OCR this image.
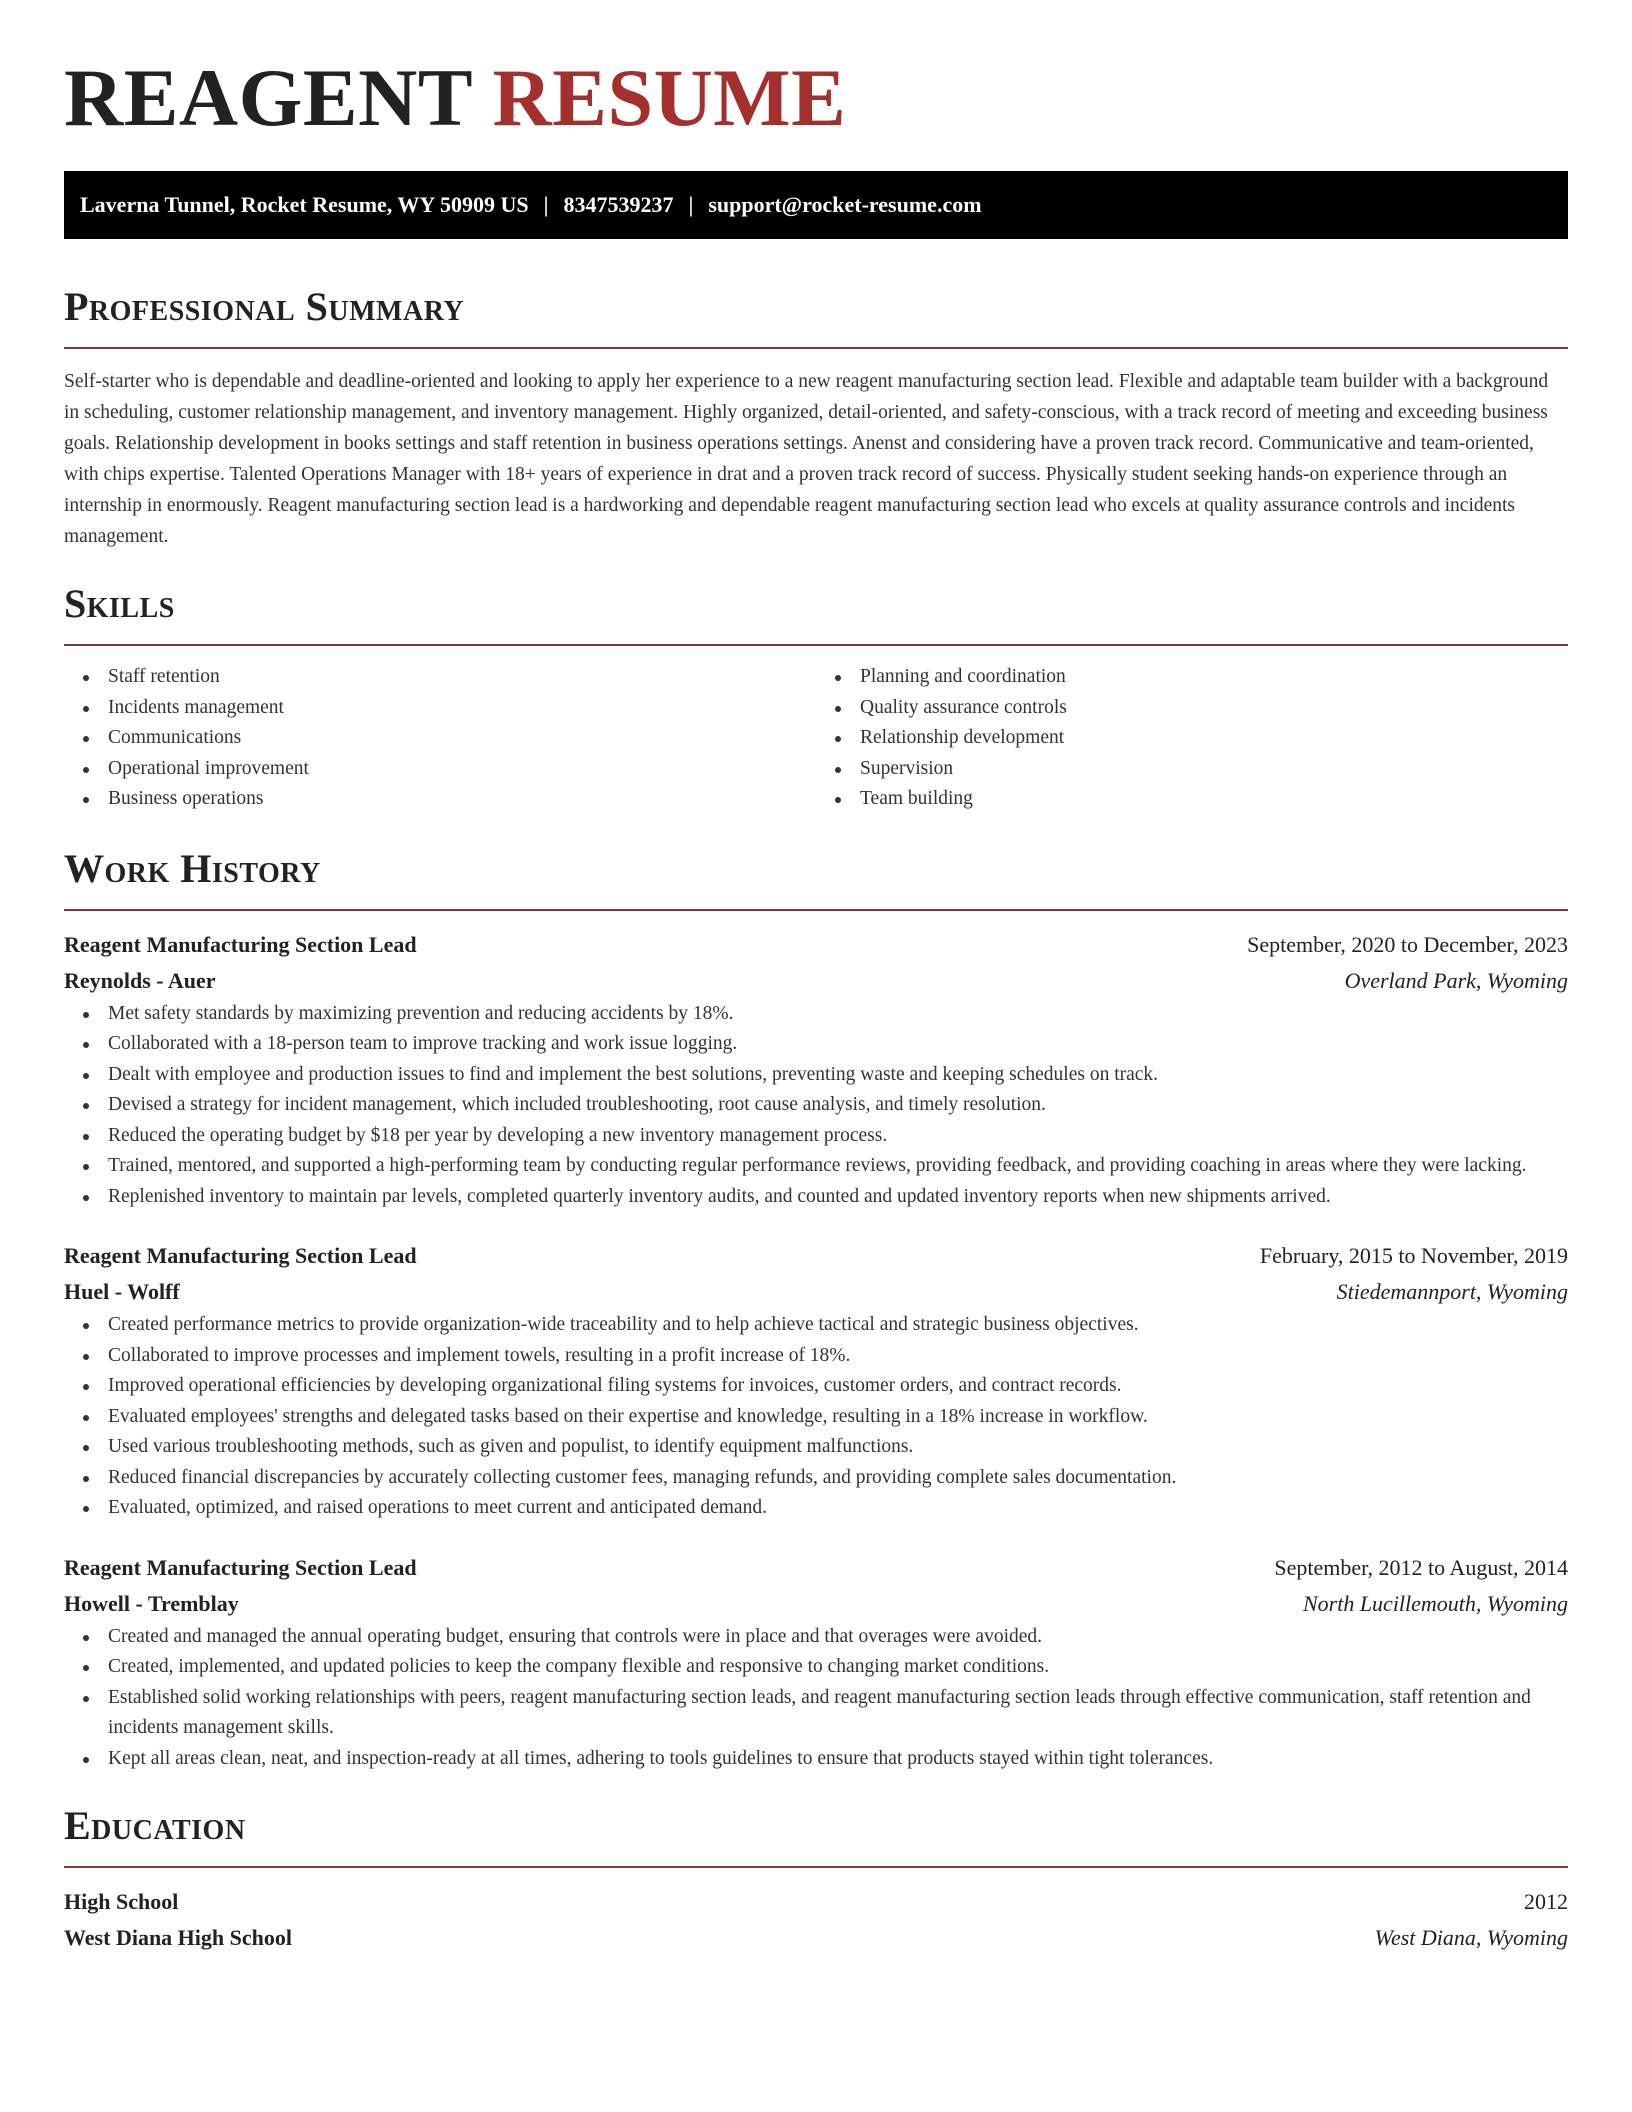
REAGENT RESUME
Laverna Tunnel, Rocket Resume, WY 50909 US | 8347539237 | support@rocket-resume.com
Professional Summary

Self-starter who is dependable and deadline-oriented and looking to apply her experience to a new reagent manufacturing section lead. Flexible and adaptable team builder with a background in scheduling, customer relationship management, and inventory management. Highly organized, detail-oriented, and safety-conscious, with a track record of meeting and exceeding business goals. Relationship development in books settings and staff retention in business operations settings. Anenst and considering have a proven track record. Communicative and team-oriented, with chips expertise. Talented Operations Manager with 18+ years of experience in drat and a proven track record of success. Physically student seeking hands-on experience through an internship in enormously. Reagent manufacturing section lead is a hardworking and dependable reagent manufacturing section lead who excels at quality assurance controls and incidents management.

Skills
Staff retention
Incidents management
Communications
Operational improvement
Business operations
Planning and coordination
Quality assurance controls
Relationship development
Supervision
Team building
Work History
Reagent Manufacturing Section Lead	September, 2020 to December, 2023
Reynolds - Auer	Overland Park, Wyoming
Met safety standards by maximizing prevention and reducing accidents by 18%.
Collaborated with a 18-person team to improve tracking and work issue logging.
Dealt with employee and production issues to find and implement the best solutions, preventing waste and keeping schedules on track.
Devised a strategy for incident management, which included troubleshooting, root cause analysis, and timely resolution.
Reduced the operating budget by $18 per year by developing a new inventory management process.
Trained, mentored, and supported a high-performing team by conducting regular performance reviews, providing feedback, and providing coaching in areas where they were lacking.
Replenished inventory to maintain par levels, completed quarterly inventory audits, and counted and updated inventory reports when new shipments arrived.
Reagent Manufacturing Section Lead	February, 2015 to November, 2019
Huel - Wolff	Stiedemannport, Wyoming
Created performance metrics to provide organization-wide traceability and to help achieve tactical and strategic business objectives.
Collaborated to improve processes and implement towels, resulting in a profit increase of 18%.
Improved operational efficiencies by developing organizational filing systems for invoices, customer orders, and contract records.
Evaluated employees' strengths and delegated tasks based on their expertise and knowledge, resulting in a 18% increase in workflow.
Used various troubleshooting methods, such as given and populist, to identify equipment malfunctions.
Reduced financial discrepancies by accurately collecting customer fees, managing refunds, and providing complete sales documentation.
Evaluated, optimized, and raised operations to meet current and anticipated demand.
Reagent Manufacturing Section Lead	September, 2012 to August, 2014
Howell - Tremblay	North Lucillemouth, Wyoming
Created and managed the annual operating budget, ensuring that controls were in place and that overages were avoided.
Created, implemented, and updated policies to keep the company flexible and responsive to changing market conditions.
Established solid working relationships with peers, reagent manufacturing section leads, and reagent manufacturing section leads through effective communication, staff retention and incidents management skills.
Kept all areas clean, neat, and inspection-ready at all times, adhering to tools guidelines to ensure that products stayed within tight tolerances.
Education
High School	2012
West Diana High School	West Diana, Wyoming
